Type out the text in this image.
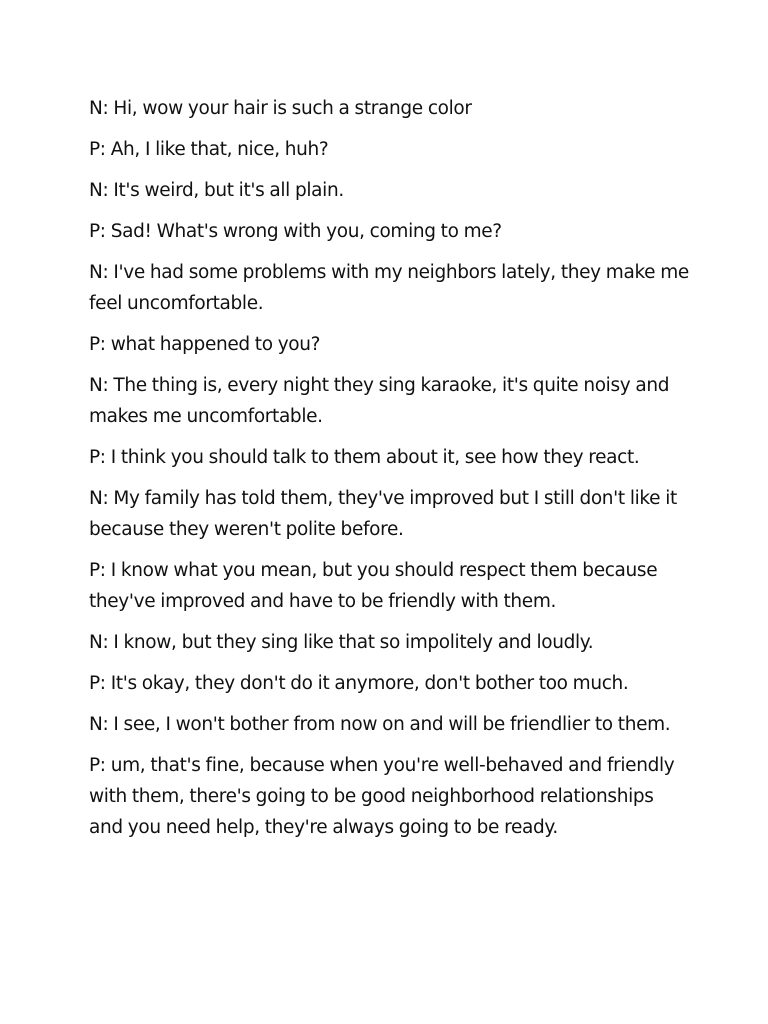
N: Hi, wow your hair is such a strange color

P: Ah, I like that, nice, huh?

N: It's weird, but it's all plain.

P: Sad! What's wrong with you, coming to me?

N: I've had some problems with my neighbors lately, they make me feel uncomfortable.

P: what happened to you?

N: The thing is, every night they sing karaoke, it's quite noisy and makes me uncomfortable.

P: I think you should talk to them about it, see how they react.

N: My family has told them, they've improved but I still don't like it because they weren't polite before.

P: I know what you mean, but you should respect them because they've improved and have to be friendly with them.

N: I know, but they sing like that so impolitely and loudly.

P: It's okay, they don't do it anymore, don't bother too much.

N: I see, I won't bother from now on and will be friendlier to them.

P: um, that's fine, because when you're well-behaved and friendly with them, there's going to be good neighborhood relationships and you need help, they're always going to be ready.
